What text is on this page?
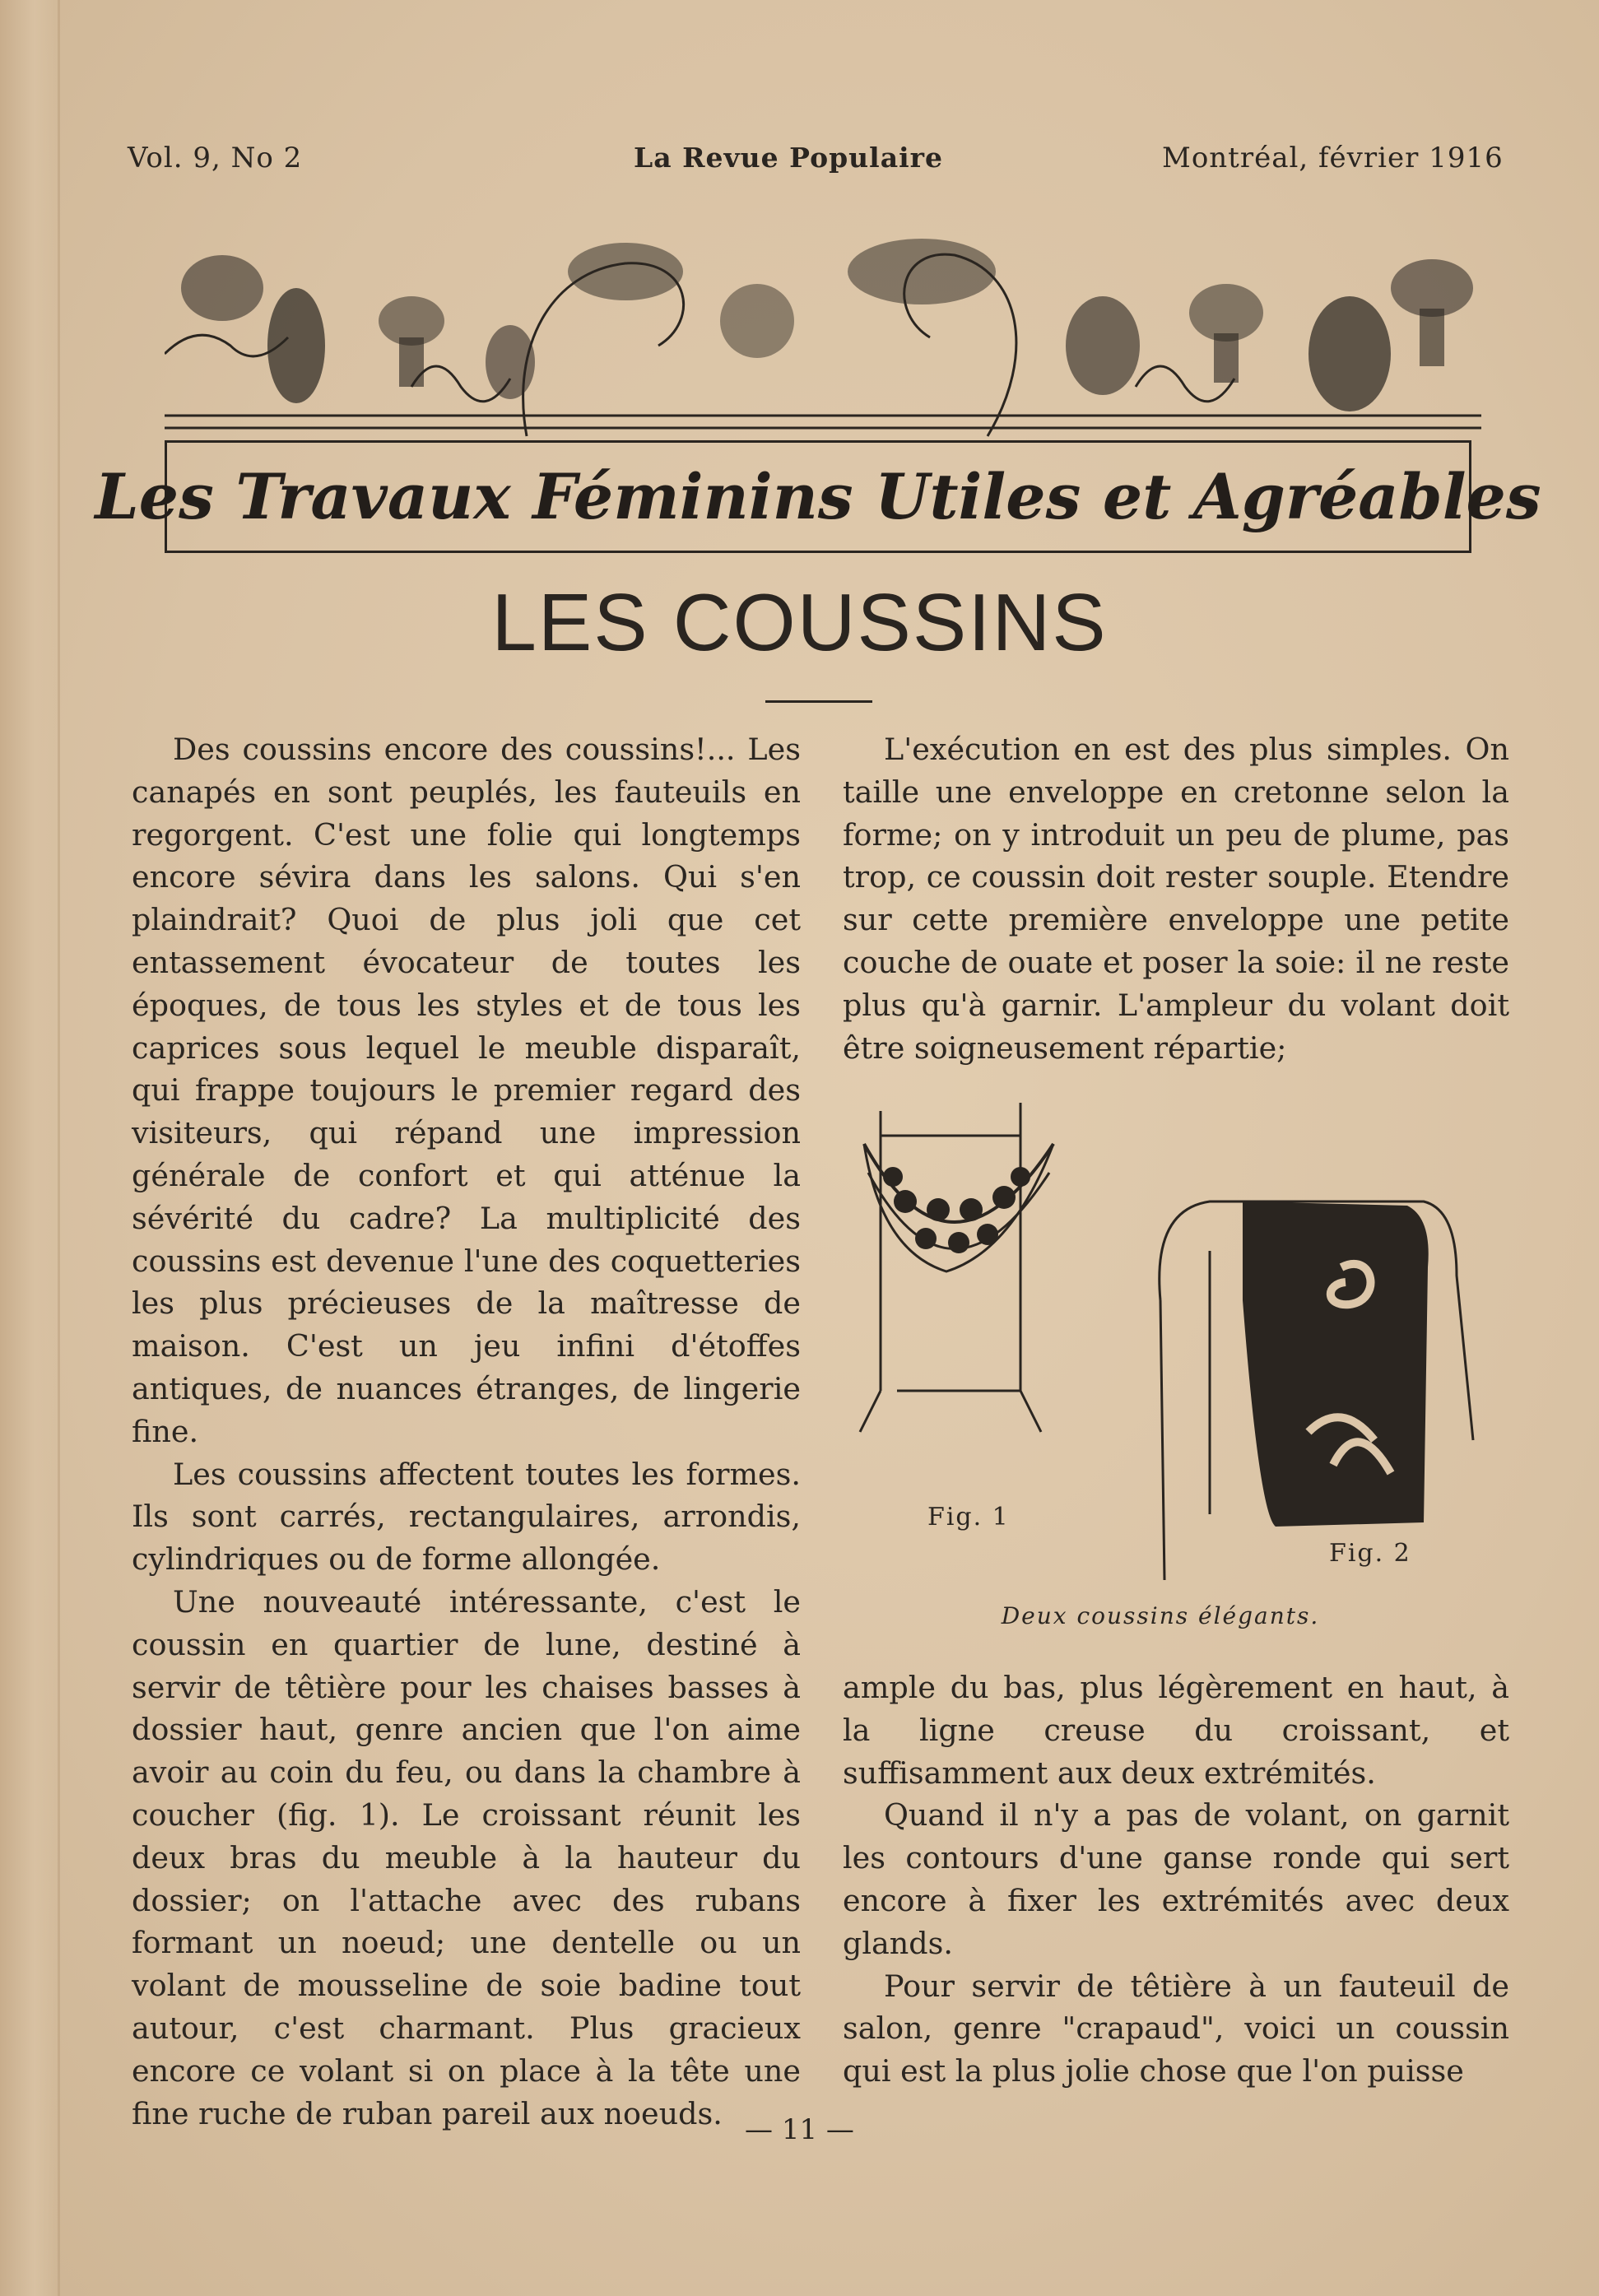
Vol. 9, No 2	La Revue Populaire	Montréal, février 1916
Les Travaux Féminins Utiles et Agréables
LES COUSSINS

Des coussins encore des coussins!... Les canapés en sont peuplés, les fauteuils en regorgent. C'est une folie qui longtemps encore sévira dans les salons. Qui s'en plaindrait? Quoi de plus joli que cet entassement évocateur de toutes les époques, de tous les styles et de tous les caprices sous lequel le meuble disparaît, qui frappe toujours le premier regard des visiteurs, qui répand une impression générale de confort et qui atténue la sévérité du cadre? La multiplicité des coussins est devenue l'une des coquetteries les plus précieuses de la maîtresse de maison. C'est un jeu infini d'étoffes antiques, de nuances étranges, de lingerie fine.

Les coussins affectent toutes les formes. Ils sont carrés, rectangulaires, arrondis, cylindriques ou de forme allongée.

Une nouveauté intéressante, c'est le coussin en quartier de lune, destiné à servir de têtière pour les chaises basses à dossier haut, genre ancien que l'on aime avoir au coin du feu, ou dans la chambre à coucher (fig. 1). Le croissant réunit les deux bras du meuble à la hauteur du dossier; on l'attache avec des rubans formant un noeud; une dentelle ou un volant de mousseline de soie badine tout autour, c'est charmant. Plus gracieux encore ce volant si on place à la tête une fine ruche de ruban pareil aux noeuds.

L'exécution en est des plus simples. On taille une enveloppe en cretonne selon la forme; on y introduit un peu de plume, pas trop, ce coussin doit rester souple. Etendre sur cette première enveloppe une petite couche de ouate et poser la soie: il ne reste plus qu'à garnir. L'ampleur du volant doit être soigneusement répartie;

Fig. 1
Fig. 2
Deux coussins élégants.

ample du bas, plus légèrement en haut, à la ligne creuse du croissant, et suffisamment aux deux extrémités.

Quand il n'y a pas de volant, on garnit les contours d'une ganse ronde qui sert encore à fixer les extrémités avec deux glands.

Pour servir de têtière à un fauteuil de salon, genre "crapaud", voici un coussin qui est la plus jolie chose que l'on puisse

— 11 —
